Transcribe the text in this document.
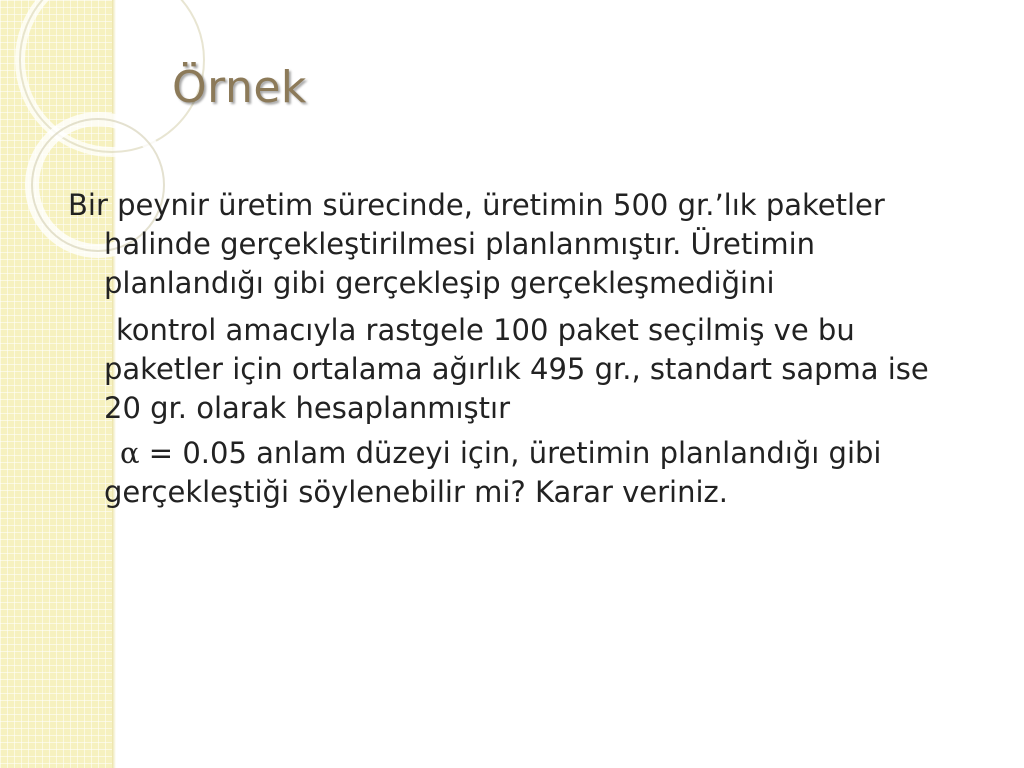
Örnek

Bir peynir üretim sürecinde, üretimin 500 gr.’lık paketler halinde gerçekleştirilmesi planlanmıştır. Üretimin planlandığı gibi gerçekleşip gerçekleşmediğini

kontrol amacıyla rastgele 100 paket seçilmiş ve bu paketler için ortalama ağırlık 495 gr., standart sapma ise 20 gr. olarak hesaplanmıştır

α = 0.05 anlam düzeyi için, üretimin planlandığı gibi gerçekleştiği söylenebilir mi? Karar veriniz.
